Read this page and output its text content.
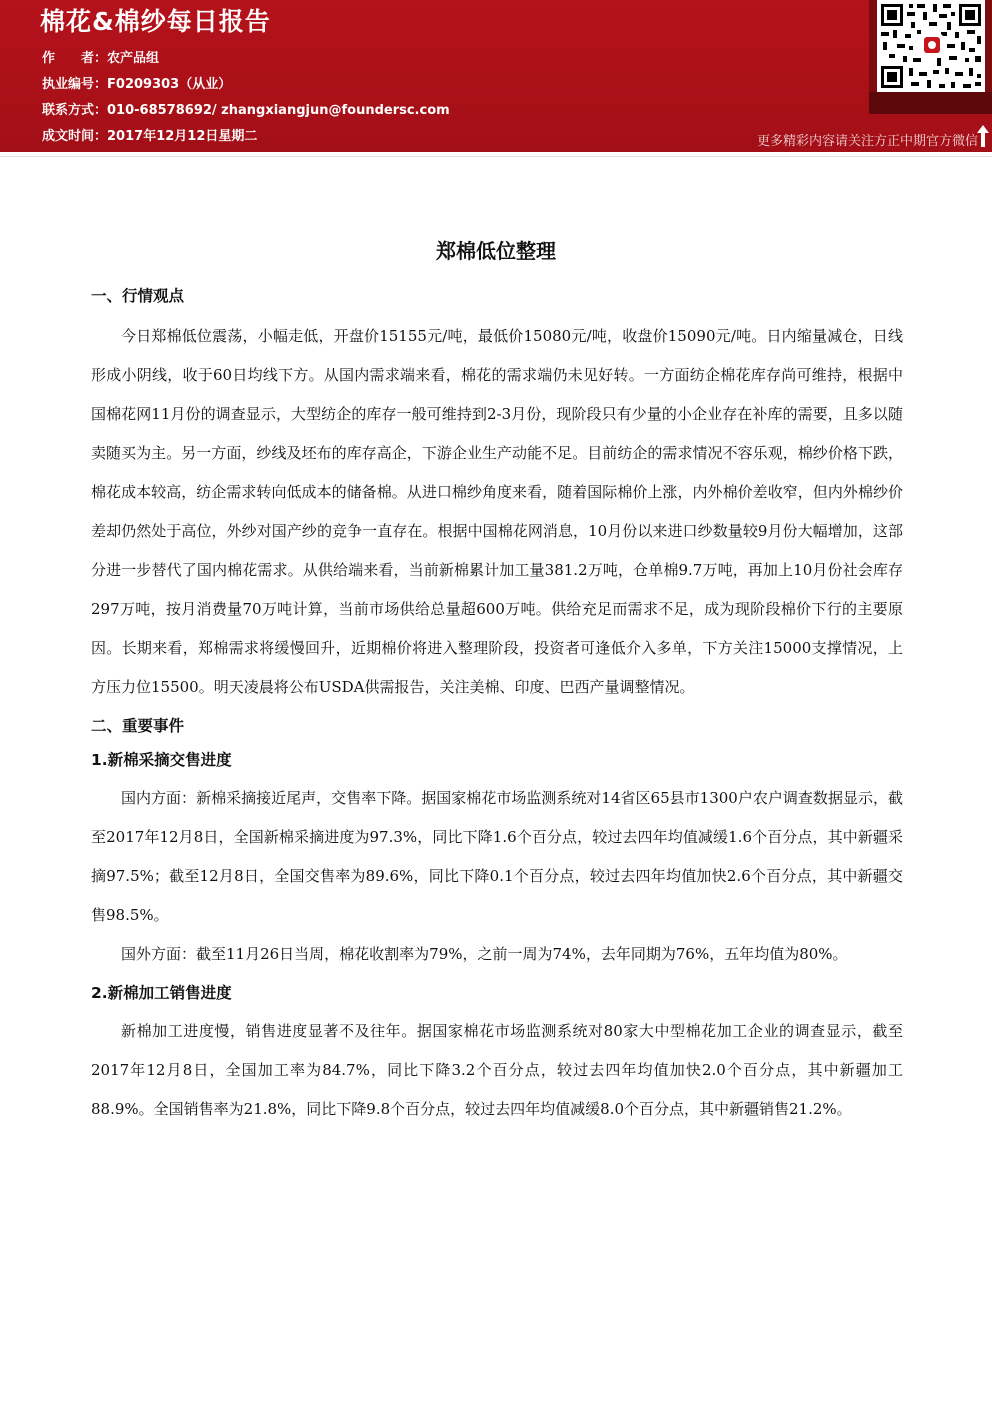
棉花&棉纱每日报告
作　　者：农产品组
执业编号：F0209303（从业）
联系方式：010-68578692/ zhangxiangjun@foundersc.com
成文时间：2017年12月12日星期二	更多精彩内容请关注方正中期官方微信
郑棉低位整理
一、行情观点

今日郑棉低位震荡，小幅走低，开盘价15155元/吨，最低价15080元/吨，收盘价15090元/吨。日内缩量减仓，日线形成小阴线，收于60日均线下方。从国内需求端来看，棉花的需求端仍未见好转。一方面纺企棉花库存尚可维持，根据中国棉花网11月份的调查显示，大型纺企的库存一般可维持到2-3月份，现阶段只有少量的小企业存在补库的需要，且多以随卖随买为主。另一方面，纱线及坯布的库存高企，下游企业生产动能不足。目前纺企的需求情况不容乐观，棉纱价格下跌，棉花成本较高，纺企需求转向低成本的储备棉。从进口棉纱角度来看，随着国际棉价上涨，内外棉价差收窄，但内外棉纱价差却仍然处于高位，外纱对国产纱的竞争一直存在。根据中国棉花网消息，10月份以来进口纱数量较9月份大幅增加，这部分进一步替代了国内棉花需求。从供给端来看，当前新棉累计加工量381.2万吨，仓单棉9.7万吨，再加上10月份社会库存297万吨，按月消费量70万吨计算，当前市场供给总量超600万吨。供给充足而需求不足，成为现阶段棉价下行的主要原因。长期来看，郑棉需求将缓慢回升，近期棉价将进入整理阶段，投资者可逢低介入多单，下方关注15000支撑情况，上方压力位15500。明天凌晨将公布USDA供需报告，关注美棉、印度、巴西产量调整情况。

二、重要事件
1.新棉采摘交售进度

国内方面：新棉采摘接近尾声，交售率下降。据国家棉花市场监测系统对14省区65县市1300户农户调查数据显示，截至2017年12月8日，全国新棉采摘进度为97.3%，同比下降1.6个百分点，较过去四年均值减缓1.6个百分点，其中新疆采摘97.5%；截至12月8日，全国交售率为89.6%，同比下降0.1个百分点，较过去四年均值加快2.6个百分点，其中新疆交售98.5%。

国外方面：截至11月26日当周，棉花收割率为79%，之前一周为74%，去年同期为76%，五年均值为80%。

2.新棉加工销售进度

新棉加工进度慢，销售进度显著不及往年。据国家棉花市场监测系统对80家大中型棉花加工企业的调查显示，截至2017年12月8日，全国加工率为84.7%，同比下降3.2个百分点，较过去四年均值加快2.0个百分点，其中新疆加工88.9%。全国销售率为21.8%，同比下降9.8个百分点，较过去四年均值减缓8.0个百分点，其中新疆销售21.2%。
